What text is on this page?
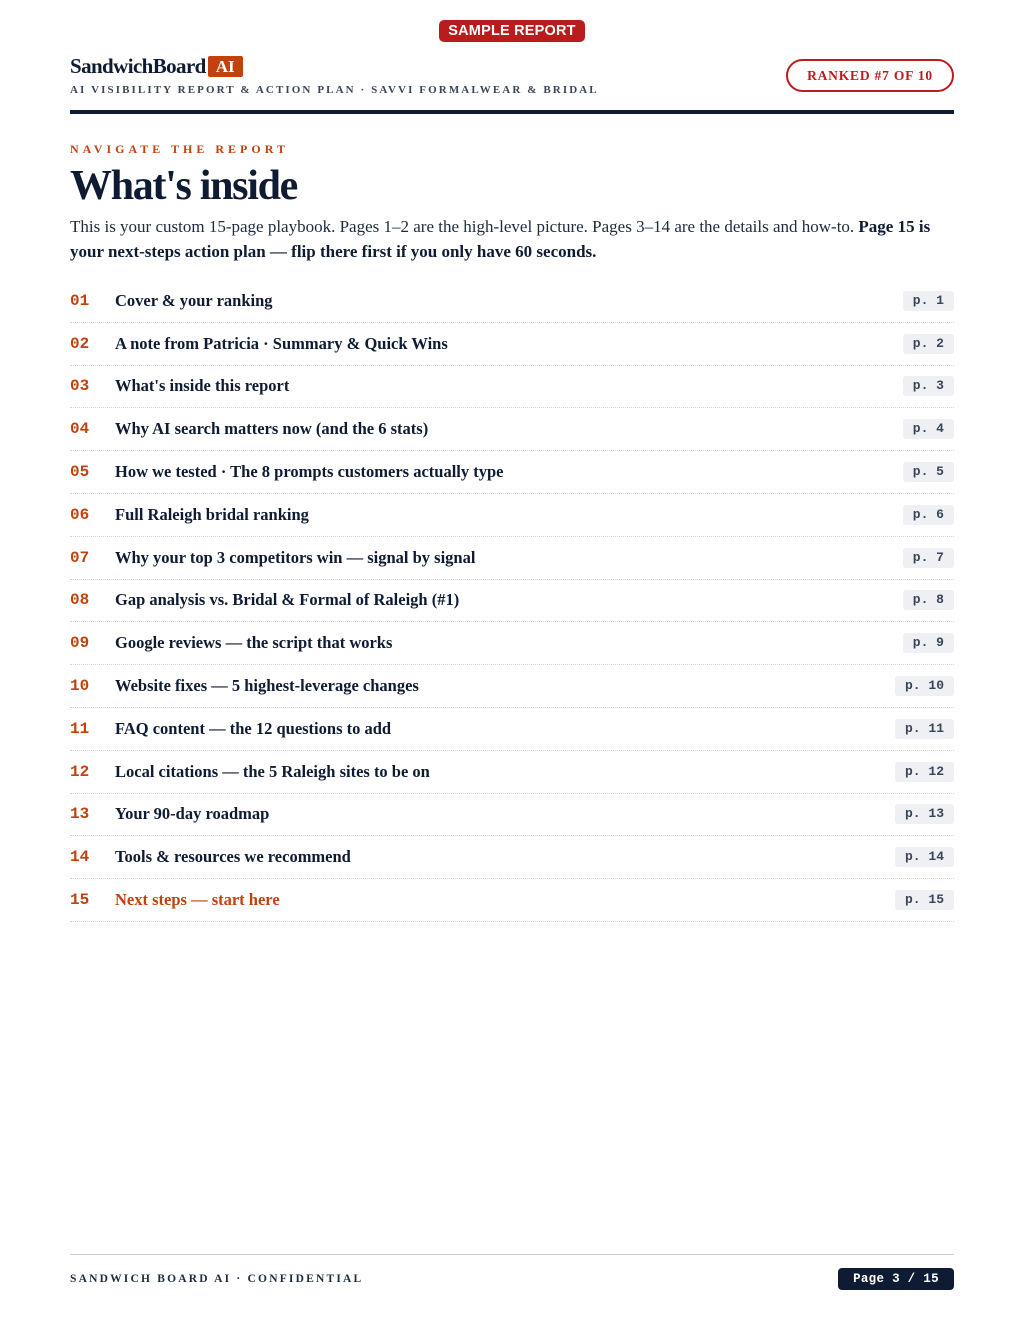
SAMPLE REPORT
SandwichBoard AI
AI VISIBILITY REPORT & ACTION PLAN · SAVVI FORMALWEAR & BRIDAL
RANKED #7 OF 10
NAVIGATE THE REPORT
What's inside

This is your custom 15-page playbook. Pages 1–2 are the high-level picture. Pages 3–14 are the details and how-to. Page 15 is your next-steps action plan — flip there first if you only have 60 seconds.

01	Cover & your ranking	p. 1
02	A note from Patricia · Summary & Quick Wins	p. 2
03	What's inside this report	p. 3
04	Why AI search matters now (and the 6 stats)	p. 4
05	How we tested · The 8 prompts customers actually type	p. 5
06	Full Raleigh bridal ranking	p. 6
07	Why your top 3 competitors win — signal by signal	p. 7
08	Gap analysis vs. Bridal & Formal of Raleigh (#1)	p. 8
09	Google reviews — the script that works	p. 9
10	Website fixes — 5 highest-leverage changes	p. 10
11	FAQ content — the 12 questions to add	p. 11
12	Local citations — the 5 Raleigh sites to be on	p. 12
13	Your 90-day roadmap	p. 13
14	Tools & resources we recommend	p. 14
15	Next steps — start here	p. 15
SANDWICH BOARD AI · CONFIDENTIAL	Page 3 / 15
